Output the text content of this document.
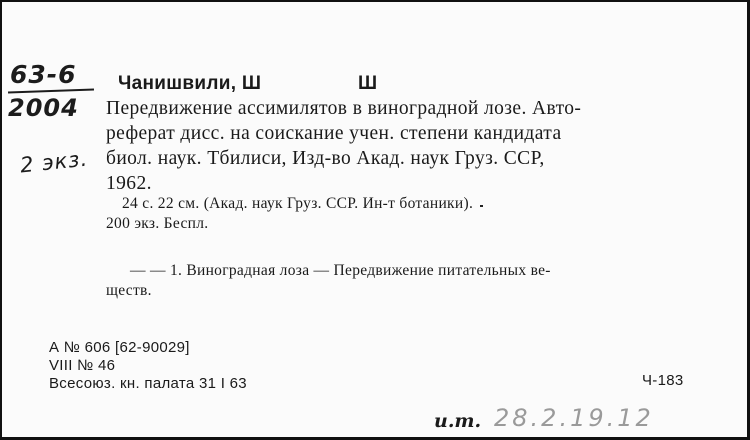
63-6
2004
2 экз.
Чанишвили, Ш	Ш
Передвижение ассимилятов в виноградной лозе. Авто-
реферат дисс. на соискание учен. степени кандидата
биол. наук. Тбилиси, Изд-во Акад. наук Груз. ССР,
1962.
24 с. 22 см. (Акад. наук Груз. ССР. Ин-т ботаники).
200 экз. Беспл.
— — 1. Виноградная лоза — Передвижение питательных ве-
ществ.
А № 606 [62-90029]
VIII № 46
Всесоюз. кн. палата 31 I 63	Ч-183
и.т. 28.2.19.12
